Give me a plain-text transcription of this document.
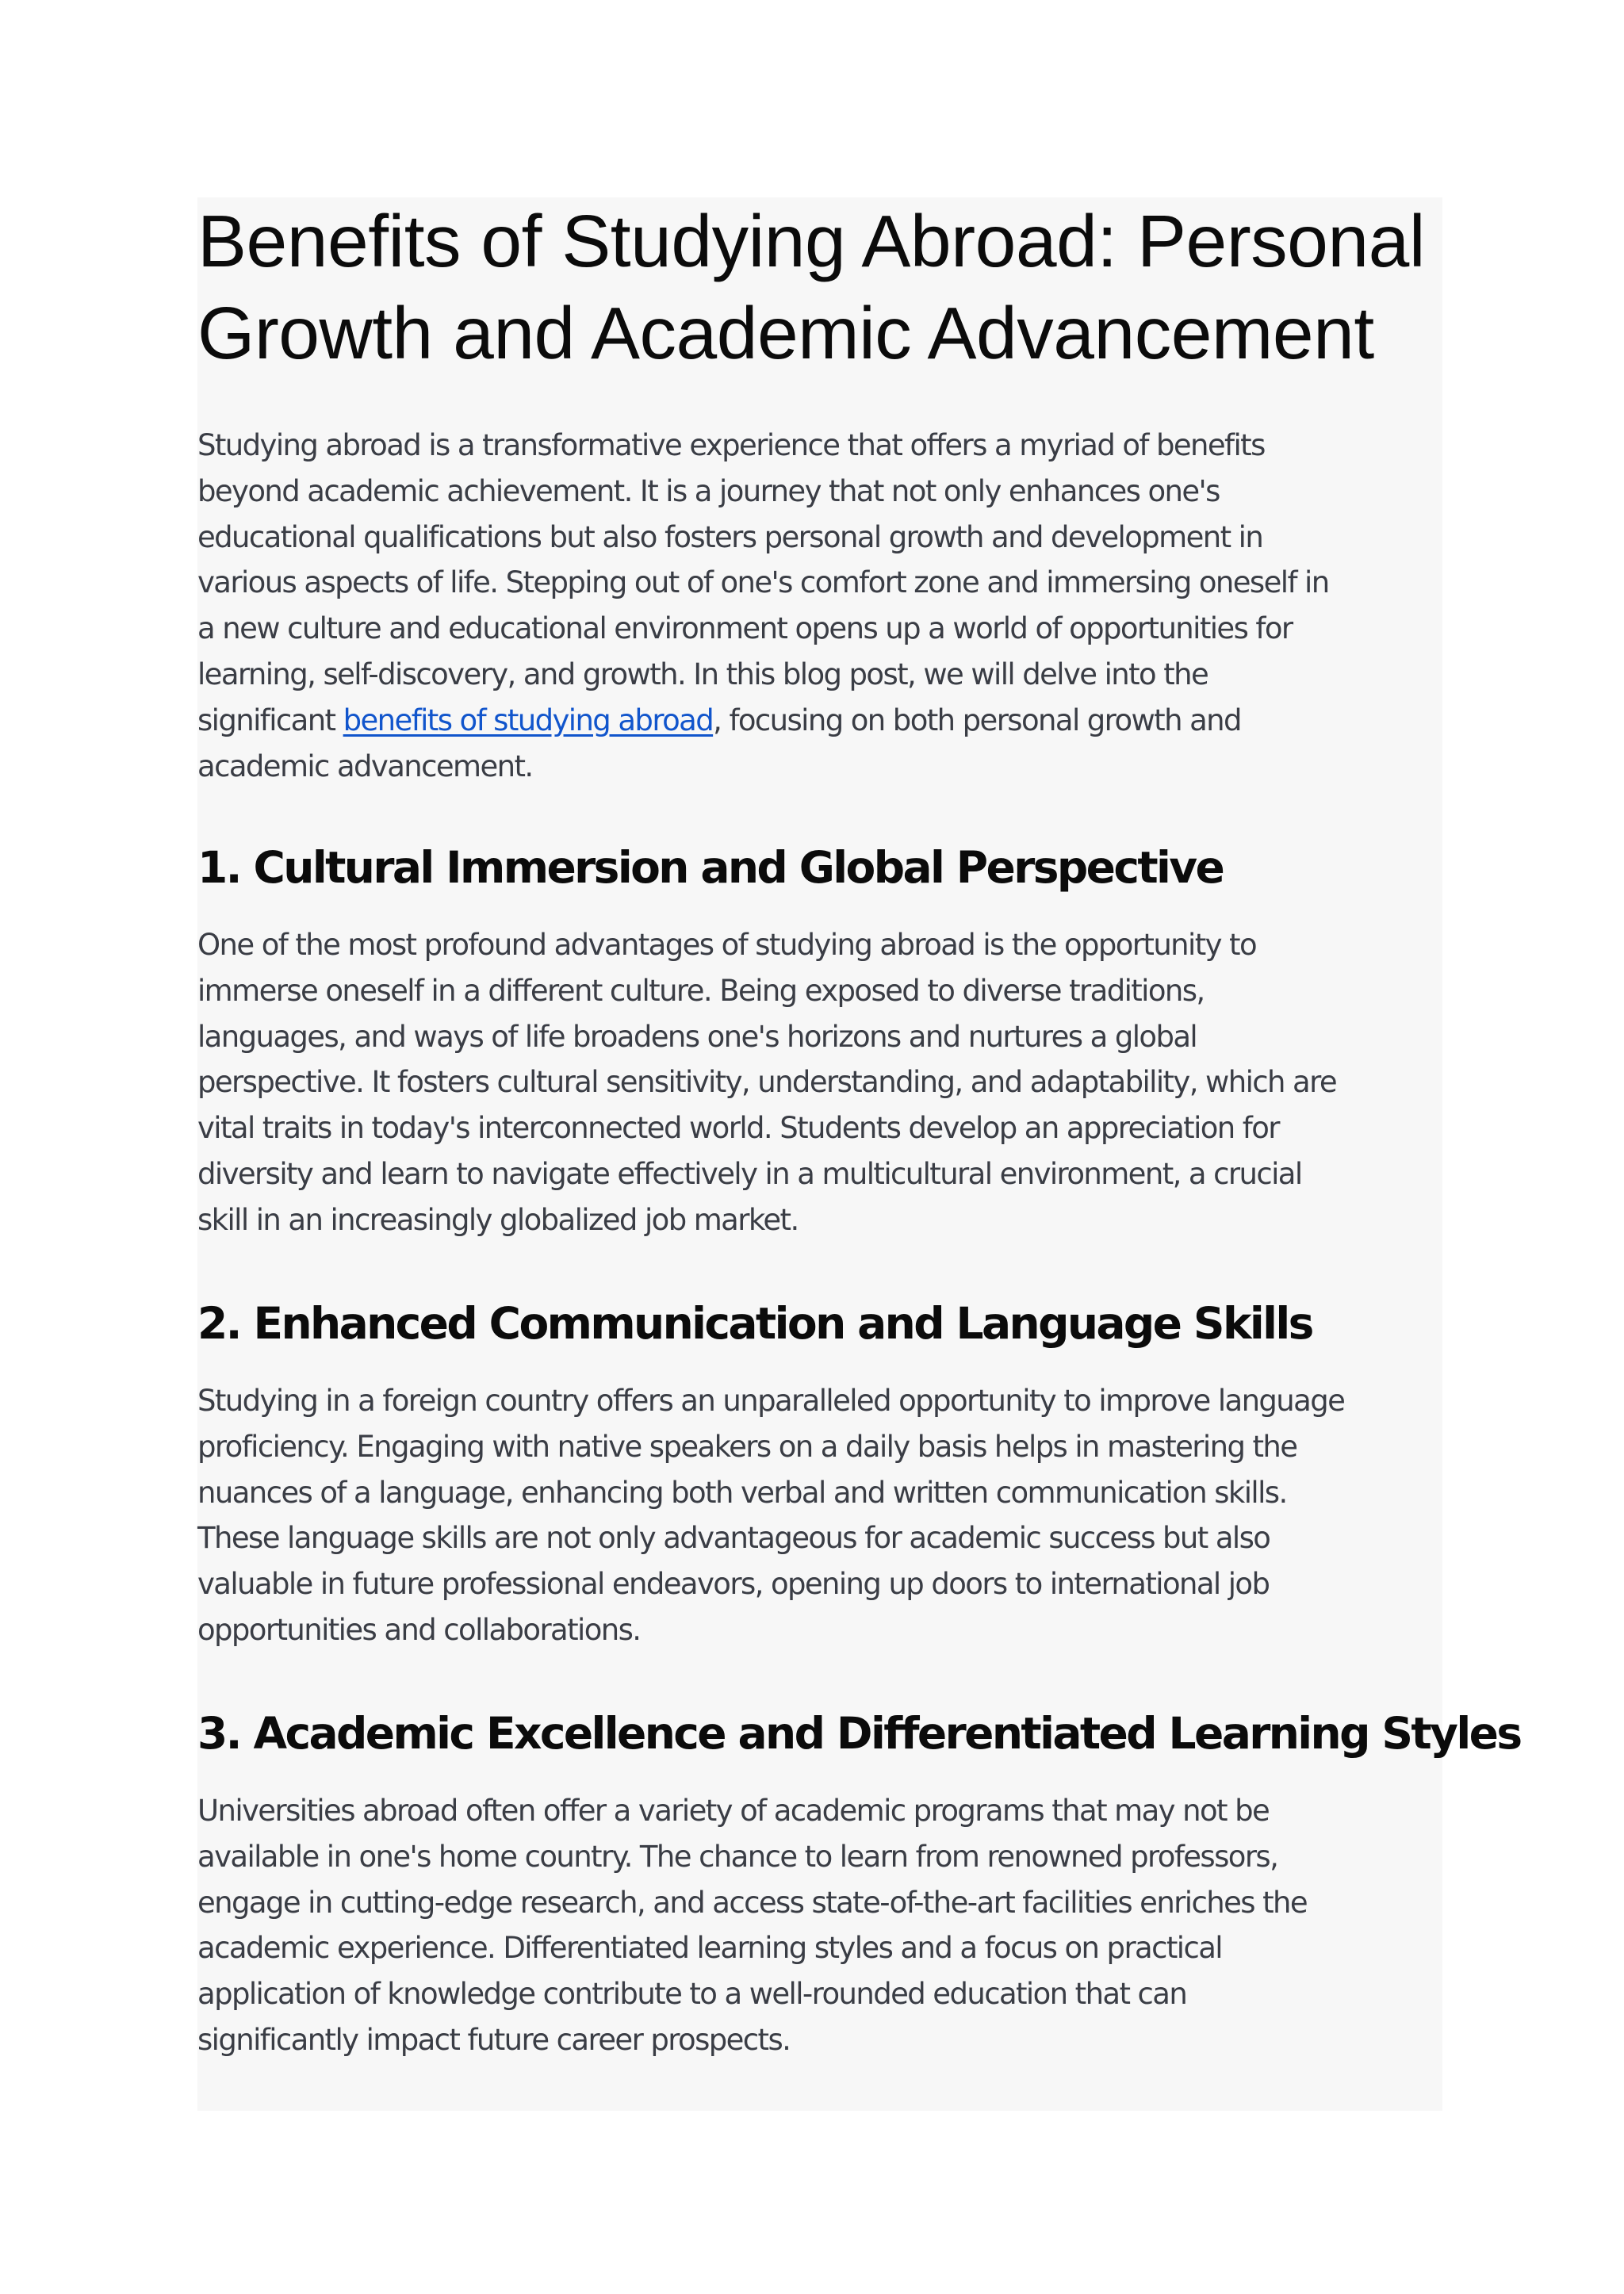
Benefits of Studying Abroad: Personal
Growth and Academic Advancement

Studying abroad is a transformative experience that offers a myriad of benefits
beyond academic achievement. It is a journey that not only enhances one's
educational qualifications but also fosters personal growth and development in
various aspects of life. Stepping out of one's comfort zone and immersing oneself in
a new culture and educational environment opens up a world of opportunities for
learning, self-discovery, and growth. In this blog post, we will delve into the
significant benefits of studying abroad, focusing on both personal growth and
academic advancement.

1. Cultural Immersion and Global Perspective

One of the most profound advantages of studying abroad is the opportunity to
immerse oneself in a different culture. Being exposed to diverse traditions,
languages, and ways of life broadens one's horizons and nurtures a global
perspective. It fosters cultural sensitivity, understanding, and adaptability, which are
vital traits in today's interconnected world. Students develop an appreciation for
diversity and learn to navigate effectively in a multicultural environment, a crucial
skill in an increasingly globalized job market.

2. Enhanced Communication and Language Skills

Studying in a foreign country offers an unparalleled opportunity to improve language
proficiency. Engaging with native speakers on a daily basis helps in mastering the
nuances of a language, enhancing both verbal and written communication skills.
These language skills are not only advantageous for academic success but also
valuable in future professional endeavors, opening up doors to international job
opportunities and collaborations.

3. Academic Excellence and Differentiated Learning Styles

Universities abroad often offer a variety of academic programs that may not be
available in one's home country. The chance to learn from renowned professors,
engage in cutting-edge research, and access state-of-the-art facilities enriches the
academic experience. Differentiated learning styles and a focus on practical
application of knowledge contribute to a well-rounded education that can
significantly impact future career prospects.
